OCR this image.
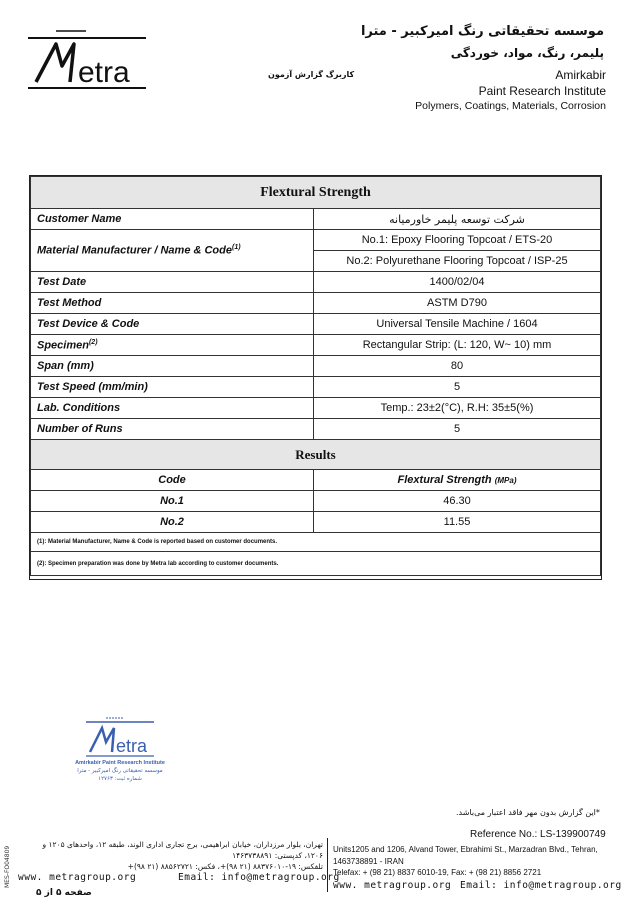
etra
موسسه تحقیقاتی رنگ امیرکبیر - مترا
پلیمر، رنگ، مواد، خوردگی
Amirkabir
Paint Research Institute
Polymers, Coatings, Materials, Corrosion
کاربرگ گزارش آزمون
Flextural Strength	
Customer Name	شرکت توسعه پلیمر خاورمیانه
Material Manufacturer / Name & Code$^{(1)}$	No.1: Epoxy Flooring Topcoat / ETS-20
	No.2: Polyurethane Flooring Topcoat / ISP-25
Test Date	1400/02/04
Test Method	ASTM D790
Test Device & Code	Universal Tensile Machine / 1604
Specimen$^{(2)}$	Rectangular Strip: (L: 120, W~ 10) mm
Span (mm)	80
Test Speed (mm/min)	5
Lab. Conditions	Temp.: 23±2(°C), R.H: 35±5(%)
Number of Runs	5
Results	
Code	Flextural Strength (MPa)
No.1	46.30
No.2	11.55
(1): Material Manufacturer, Name & Code is reported based on customer documents.	
(2): Specimen preparation was done by Metra lab according to customer documents.	
etra
Amirkabir Paint Research Institute
موسسه تحقیقاتی رنگ امیرکبیر - مترا
شماره ثبت: ۱۲۷۶۳
*این گزارش بدون مهر فاقد اعتبار می‌باشد.
Reference No.: LS-139900749
تهران، بلوار مرزداران، خیابان ابراهیمی، برج تجاری اداری الوند، طبقه ۱۲، واحدهای ۱۲۰۵ و
۱۲۰۶، کدپستی: ۱۴۶۳۷۳۸۸۹۱
تلفکس: ۱۹-۸۸۳۷۶۰۱۰ (۲۱ ۹۸)+، فکس: ۸۸۵۶۲۷۲۱ (۲۱ ۹۸)+
www. metragroup.org	Email: info@metragroup.org
Units1205 and 1206, Alvand Tower, Ebrahimi St., Marzadran Blvd., Tehran,
1463738891 - IRAN
Telefax: + (98 21) 8837 6010-19, Fax: + (98 21) 8856 2721
www. metragroup.org Email: info@metragroup.org
MES-FO04809
صفحه ۵ از ۵
